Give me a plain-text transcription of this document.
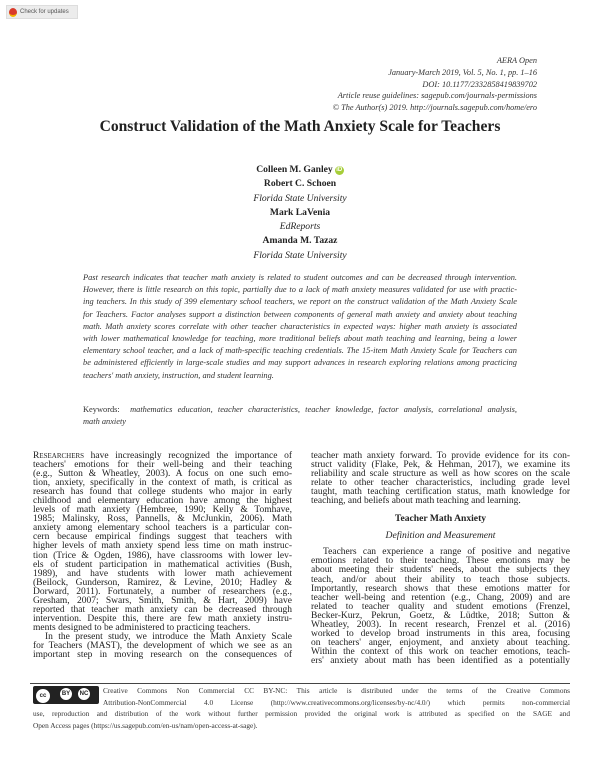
Check for updates
AERA Open
January-March 2019, Vol. 5, No. 1, pp. 1–16
DOI: 10.1177/2332858419839702
Article reuse guidelines: sagepub.com/journals-permissions
© The Author(s) 2019. http://journals.sagepub.com/home/ero
Construct Validation of the Math Anxiety Scale for Teachers
Colleen M. Ganley iD
Robert C. Schoen
Florida State University
Mark LaVenia
EdReports
Amanda M. Tazaz
Florida State University
Past research indicates that teacher math anxiety is related to student outcomes and can be decreased through intervention.
However, there is little research on this topic, partially due to a lack of math anxiety measures validated for use with practic-
ing teachers. In this study of 399 elementary school teachers, we report on the construct validation of the Math Anxiety Scale
for Teachers. Factor analyses support a distinction between components of general math anxiety and anxiety about teaching
math. Math anxiety scores correlate with other teacher characteristics in expected ways: higher math anxiety is associated
with lower mathematical knowledge for teaching, more traditional beliefs about math teaching and learning, being a lower
elementary school teacher, and a lack of math-specific teaching credentials. The 15-item Math Anxiety Scale for Teachers can
be administered efficiently in large-scale studies and may support advances in research exploring relations among practicing
teachers' math anxiety, instruction, and student learning.
Keywords: mathematics education, teacher characteristics, teacher knowledge, factor analysis, correlational analysis,
math anxiety
Researchers have increasingly recognized the importance of
teachers' emotions for their well-being and their teaching
(e.g., Sutton & Wheatley, 2003). A focus on one such emo-
tion, anxiety, specifically in the context of math, is critical as
research has found that college students who major in early
childhood and elementary education have among the highest
levels of math anxiety (Hembree, 1990; Kelly & Tomhave,
1985; Malinsky, Ross, Pannells, & McJunkin, 2006). Math
anxiety among elementary school teachers is a particular con-
cern because empirical findings suggest that teachers with
higher levels of math anxiety spend less time on math instruc-
tion (Trice & Ogden, 1986), have classrooms with lower lev-
els of student participation in mathematical activities (Bush,
1989), and have students with lower math achievement
(Beilock, Gunderson, Ramirez, & Levine, 2010; Hadley &
Dorward, 2011). Fortunately, a number of researchers (e.g.,
Gresham, 2007; Swars, Smith, Smith, & Hart, 2009) have
reported that teacher math anxiety can be decreased through
intervention. Despite this, there are few math anxiety instru-
ments designed to be administered to practicing teachers.
In the present study, we introduce the Math Anxiety Scale
for Teachers (MAST), the development of which we see as an
important step in moving research on the consequences of
teacher math anxiety forward. To provide evidence for its con-
struct validity (Flake, Pek, & Hehman, 2017), we examine its
reliability and scale structure as well as how scores on the scale
relate to other teacher characteristics, including grade level
taught, math teaching certification status, math knowledge for
teaching, and beliefs about math teaching and learning.
Teacher Math Anxiety
Definition and Measurement
Teachers can experience a range of positive and negative
emotions related to their teaching. These emotions may be
about meeting their students' needs, about the subjects they
teach, and/or about their ability to teach those subjects.
Importantly, research shows that these emotions matter for
teacher well-being and retention (e.g., Chang, 2009) and are
related to teacher quality and student emotions (Frenzel,
Becker-Kurz, Pekrun, Goetz, & Lüdtke, 2018; Sutton &
Wheatley, 2003). In recent research, Frenzel et al. (2016)
worked to develop broad instruments in this area, focusing
on teachers' anger, enjoyment, and anxiety about teaching.
Within the context of this work on teacher emotions, teach-
ers' anxiety about math has been identified as a potentially
Creative Commons Non Commercial CC BY-NC: This article is distributed under the terms of the Creative Commons
Attribution-NonCommercial 4.0 License (http://www.creativecommons.org/licenses/by-nc/4.0/) which permits non-commercial
use, reproduction and distribution of the work without further permission provided the original work is attributed as specified on the SAGE and
Open Access pages (https://us.sagepub.com/en-us/nam/open-access-at-sage).
cc	BY	NC
